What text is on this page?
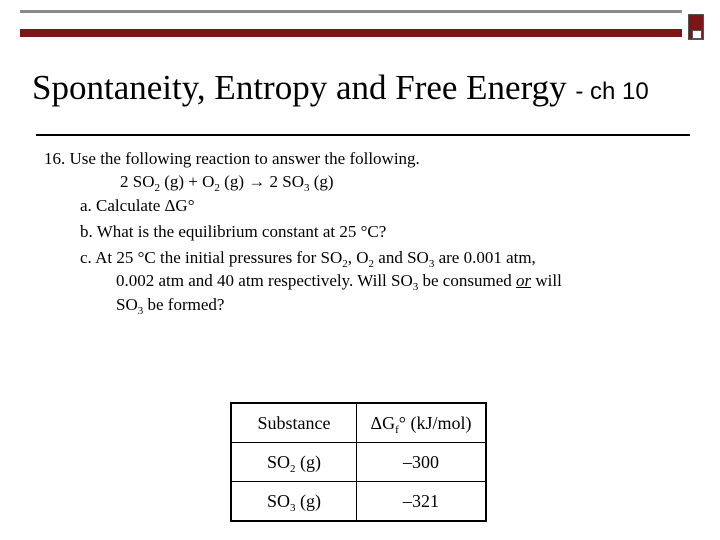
Spontaneity, Entropy and Free Energy - ch 10
16. Use the following reaction to answer the following.
2 $SO_2$ $(g) + O_2$ (g) → 2 $SO_3$ (g)
a. Calculate ΔG°
b. What is the equilibrium constant at 25 °C?
c. At 25 °C the initial pressures for $SO_2$, $O_2$ and $SO_3$ are 0.001 atm,
0.002 atm and 40 atm respectively. Will $SO_3$ be consumed or will
$SO_3$ be formed?
Substance	$\Delta G_f^\circ$ (kJ/mol)
$SO_2$ (g)	–300
$SO_3$ (g)	–321
